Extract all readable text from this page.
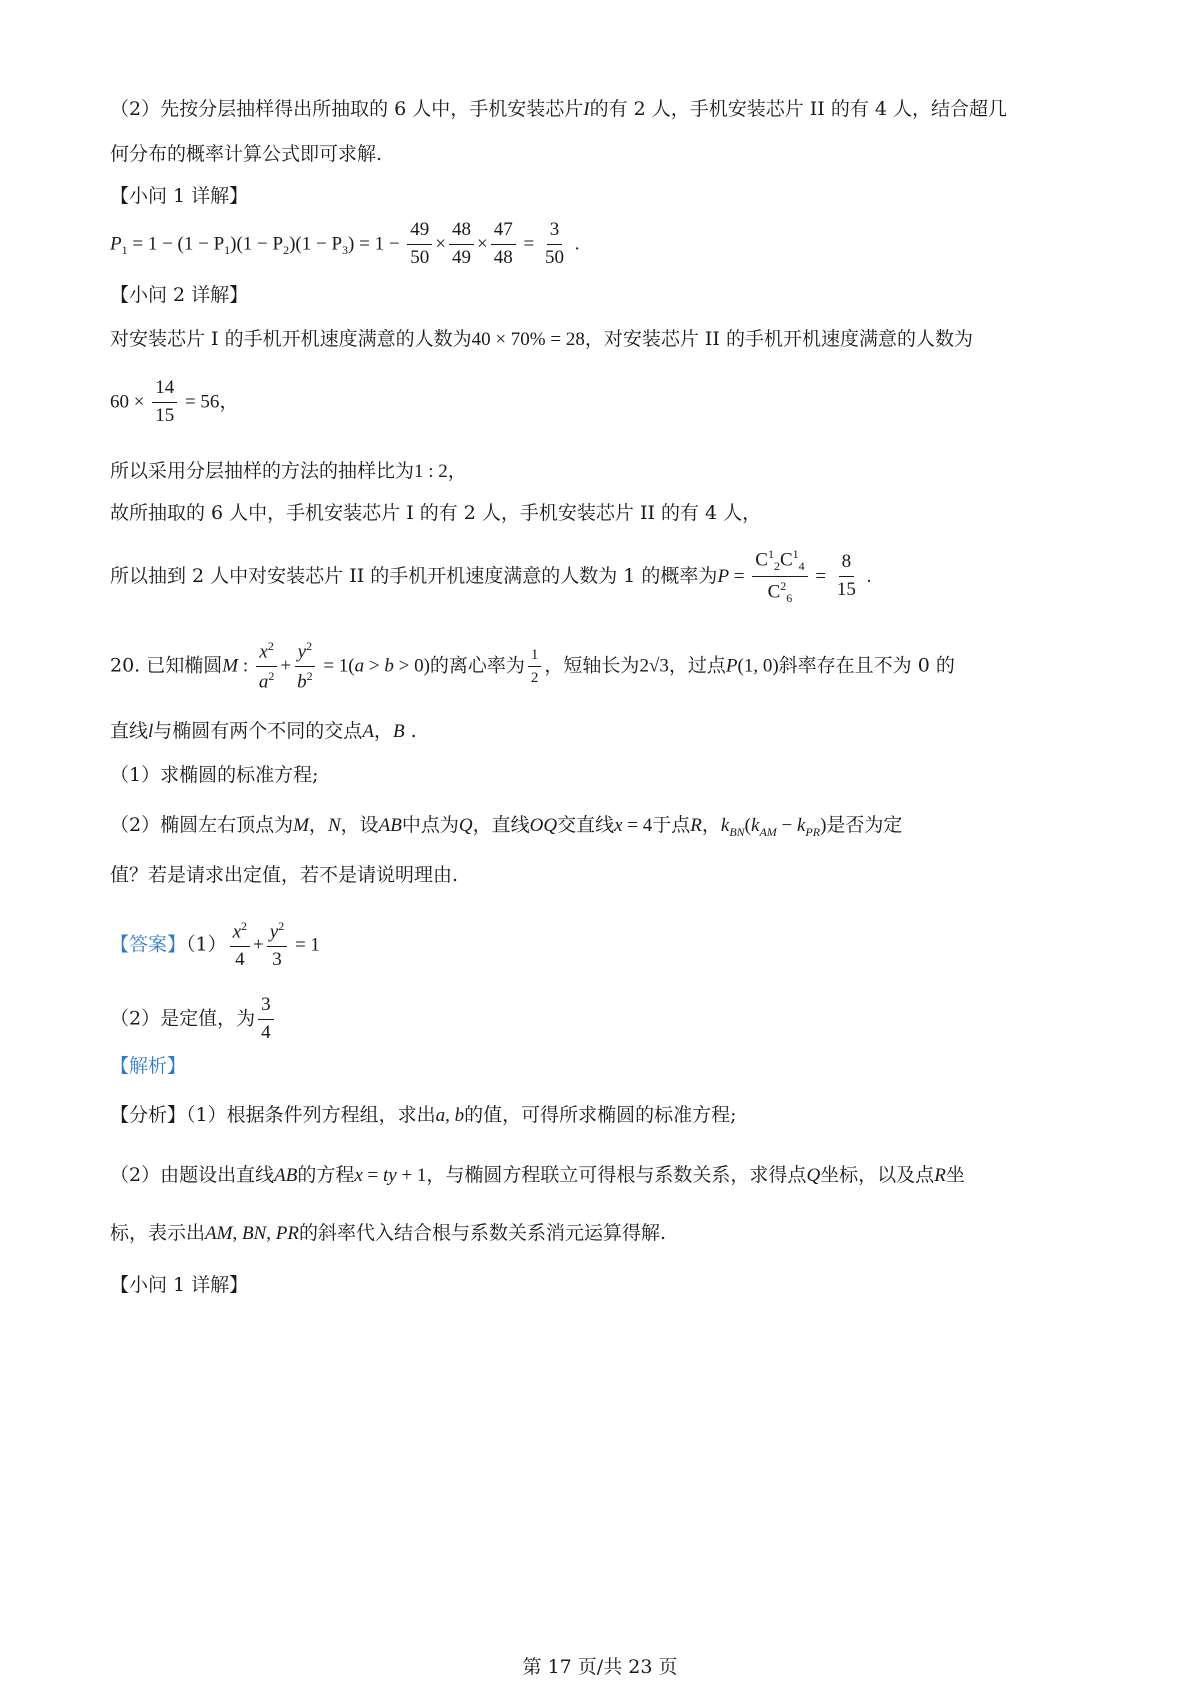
（2）先按分层抽样得出所抽取的 6 人中，手机安装芯片I的有 2 人，手机安装芯片 II 的有 4 人，结合超几
何分布的概率计算公式即可求解.
【小问 1 详解】
$P_1 = 1 - (1 - P_1)(1 - P_2)(1 - P_3) = 1 - \frac{49}{50} \times \frac{48}{49} \times \frac{47}{48} = \frac{3}{50}$ .
【小问 2 详解】
对安装芯片 I 的手机开机速度满意的人数为40 × 70% = 28，对安装芯片 II 的手机开机速度满意的人数为
$60 \times \frac{14}{15} = 56$，
所以采用分层抽样的方法的抽样比为1 : 2，
故所抽取的 6 人中，手机安装芯片 I 的有 2 人，手机安装芯片 II 的有 4 人，
所以抽到 2 人中对安装芯片 II 的手机开机速度满意的人数为 1 的概率为$P = \frac{C^1_2C^1_4}{C^2_6} = \frac{8}{15}$ .
20. 已知椭圆M : $\frac{x^2}{a^2} + \frac{y^2}{b^2} = 1(a > b > 0)$的离心率为 $\frac{1}{2}$ ，短轴长为2√3，过点P(1, 0)斜率存在且不为 0 的
直线l与椭圆有两个不同的交点A，B .
（1）求椭圆的标准方程;
（2）椭圆左右顶点为M，N，设AB中点为Q，直线OQ交直线x = 4于点R，$k_{BN}(k_{AM} - k_{PR})$是否为定
值？若是请求出定值，若不是请说明理由.
【答案】$(1) \frac{x^2}{4} + \frac{y^2}{3} = 1$
（2）是定值，为 $\frac{3}{4}$
【解析】
【分析】（1）根据条件列方程组，求出a, b的值，可得所求椭圆的标准方程;
（2）由题设出直线AB的方程x = ty + 1，与椭圆方程联立可得根与系数关系，求得点Q坐标，以及点R坐
标，表示出AM, BN, PR的斜率代入结合根与系数关系消元运算得解.
【小问 1 详解】
第 17 页/共 23 页
